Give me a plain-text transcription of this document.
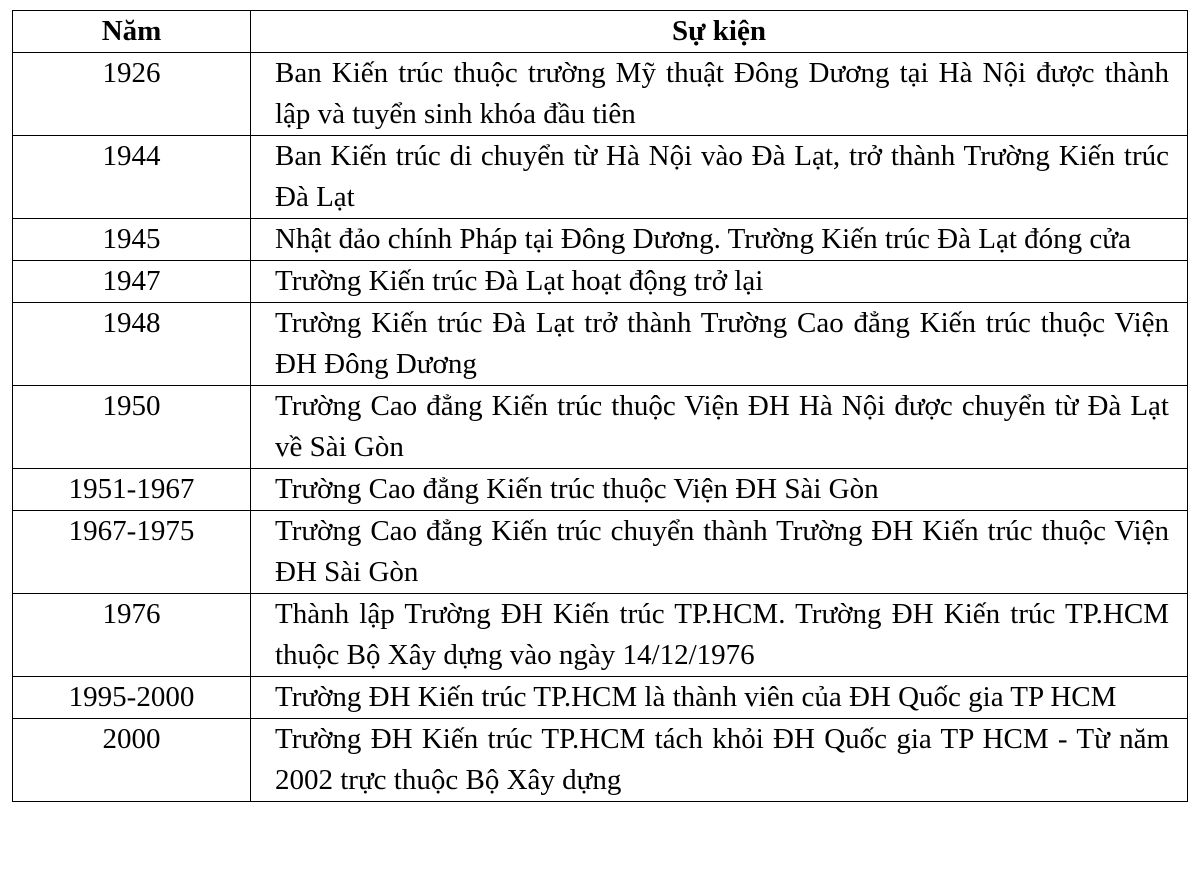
Năm	Sự kiện
1926	Ban Kiến trúc thuộc trường Mỹ thuật Đông Dương tại Hà Nội được thành lập và tuyển sinh khóa đầu tiên
1944	Ban Kiến trúc di chuyển từ Hà Nội vào Đà Lạt, trở thành Trường Kiến trúc Đà Lạt
1945	Nhật đảo chính Pháp tại Đông Dương. Trường Kiến trúc Đà Lạt đóng cửa
1947	Trường Kiến trúc Đà Lạt hoạt động trở lại
1948	Trường Kiến trúc Đà Lạt trở thành Trường Cao đẳng Kiến trúc thuộc Viện ĐH Đông Dương
1950	Trường Cao đẳng Kiến trúc thuộc Viện ĐH Hà Nội được chuyển từ Đà Lạt về Sài Gòn
1951-1967	Trường Cao đẳng Kiến trúc thuộc Viện ĐH Sài Gòn
1967-1975	Trường Cao đẳng Kiến trúc chuyển thành Trường ĐH Kiến trúc thuộc Viện ĐH Sài Gòn
1976	Thành lập Trường ĐH Kiến trúc TP.HCM. Trường ĐH Kiến trúc TP.HCM thuộc Bộ Xây dựng vào ngày 14/12/1976
1995-2000	Trường ĐH Kiến trúc TP.HCM là thành viên của ĐH Quốc gia TP HCM
2000	Trường ĐH Kiến trúc TP.HCM tách khỏi ĐH Quốc gia TP HCM - Từ năm 2002 trực thuộc Bộ Xây dựng
